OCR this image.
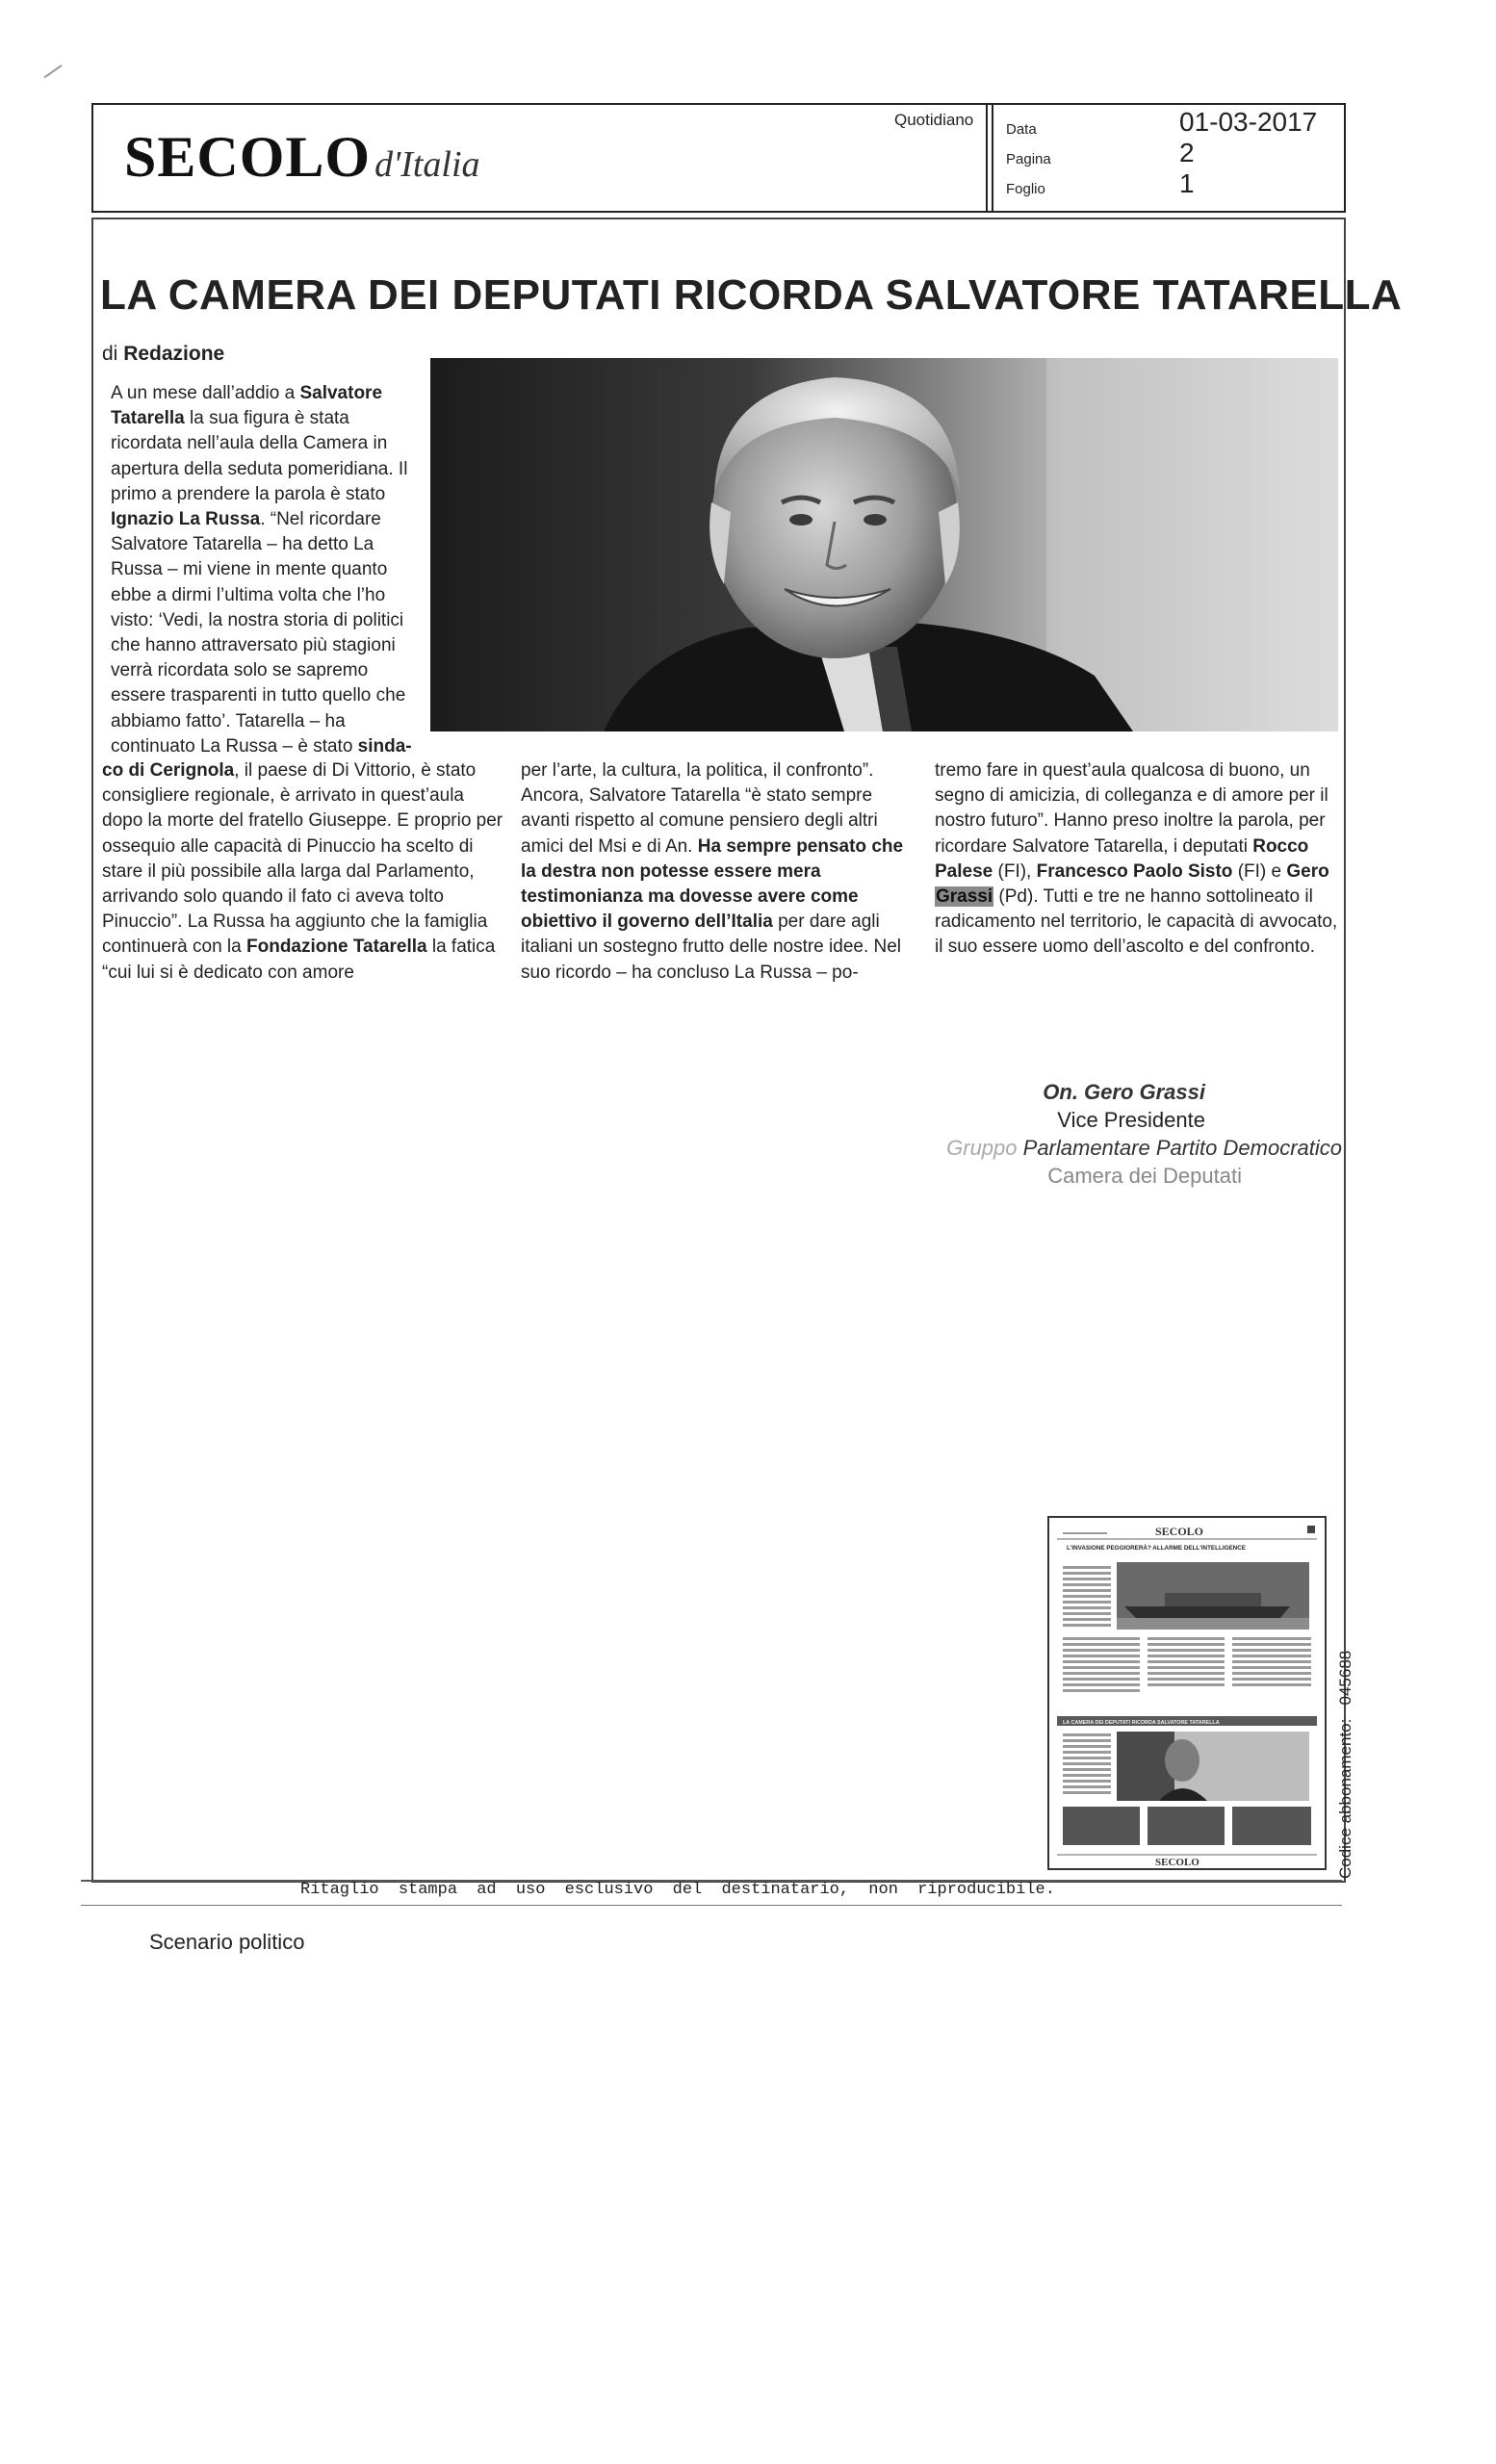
SECOLO d'Italia
Quotidiano
Data
Pagina
Foglio
01-03-2017
2
1
LA CAMERA DEI DEPUTATI RICORDA SALVATORE TATARELLA
di Redazione
A un mese dall’addio a Salvatore Tatarella la sua figura è stata ricordata nell’aula della Camera in apertura della seduta pomeridiana. Il primo a prendere la parola è stato Ignazio La Russa. “Nel ricordare Salvatore Tatarella – ha detto La Russa – mi viene in mente quanto ebbe a dirmi l’ultima volta che l’ho visto: ‘Vedi, la nostra storia di politici che hanno attraversato più stagioni verrà ricordata solo se sapremo essere trasparenti in tutto quello che abbiamo fatto’. Tatarella – ha continuato La Russa – è stato sinda-
co di Cerignola, il paese di Di Vittorio, è stato consigliere regionale, è arrivato in quest’aula dopo la morte del fratello Giuseppe. E proprio per ossequio alle capacità di Pinuccio ha scelto di stare il più possibile alla larga dal Parlamento, arrivando solo quando il fato ci aveva tolto Pinuccio”. La Russa ha aggiunto che la famiglia continuerà con la Fondazione Tatarella la fatica “cui lui si è dedicato con amore
per l’arte, la cultura, la politica, il confronto”. Ancora, Salvatore Tatarella “è stato sempre avanti rispetto al comune pensiero degli altri amici del Msi e di An. Ha sempre pensato che la destra non potesse essere mera testimonianza ma dovesse avere come obiettivo il governo dell’Italia per dare agli italiani un sostegno frutto delle nostre idee. Nel suo ricordo – ha concluso La Russa – po-
tremo fare in quest’aula qualcosa di buono, un segno di amicizia, di colleganza e di amore per il nostro futuro”. Hanno preso inoltre la parola, per ricordare Salvatore Tatarella, i deputati Rocco Palese (FI), Francesco Paolo Sisto (FI) e Gero Grassi (Pd). Tutti e tre ne hanno sottolineato il radicamento nel territorio, le capacità di avvocato, il suo essere uomo dell’ascolto e del confronto.
On. Gero Grassi
Vice Presidente
Gruppo Parlamentare Partito Democratico
Camera dei Deputati
SECOLO
L'INVASIONE PEGGIORERÀ? ALLARME DELL'INTELLIGENCE
LA CAMERA DEI DEPUTATI RICORDA SALVATORE TATARELLA
SECOLO	Codice abbonamento:   045688
Ritaglio stampa ad uso esclusivo del destinatario, non riproducibile.
Scenario politico
